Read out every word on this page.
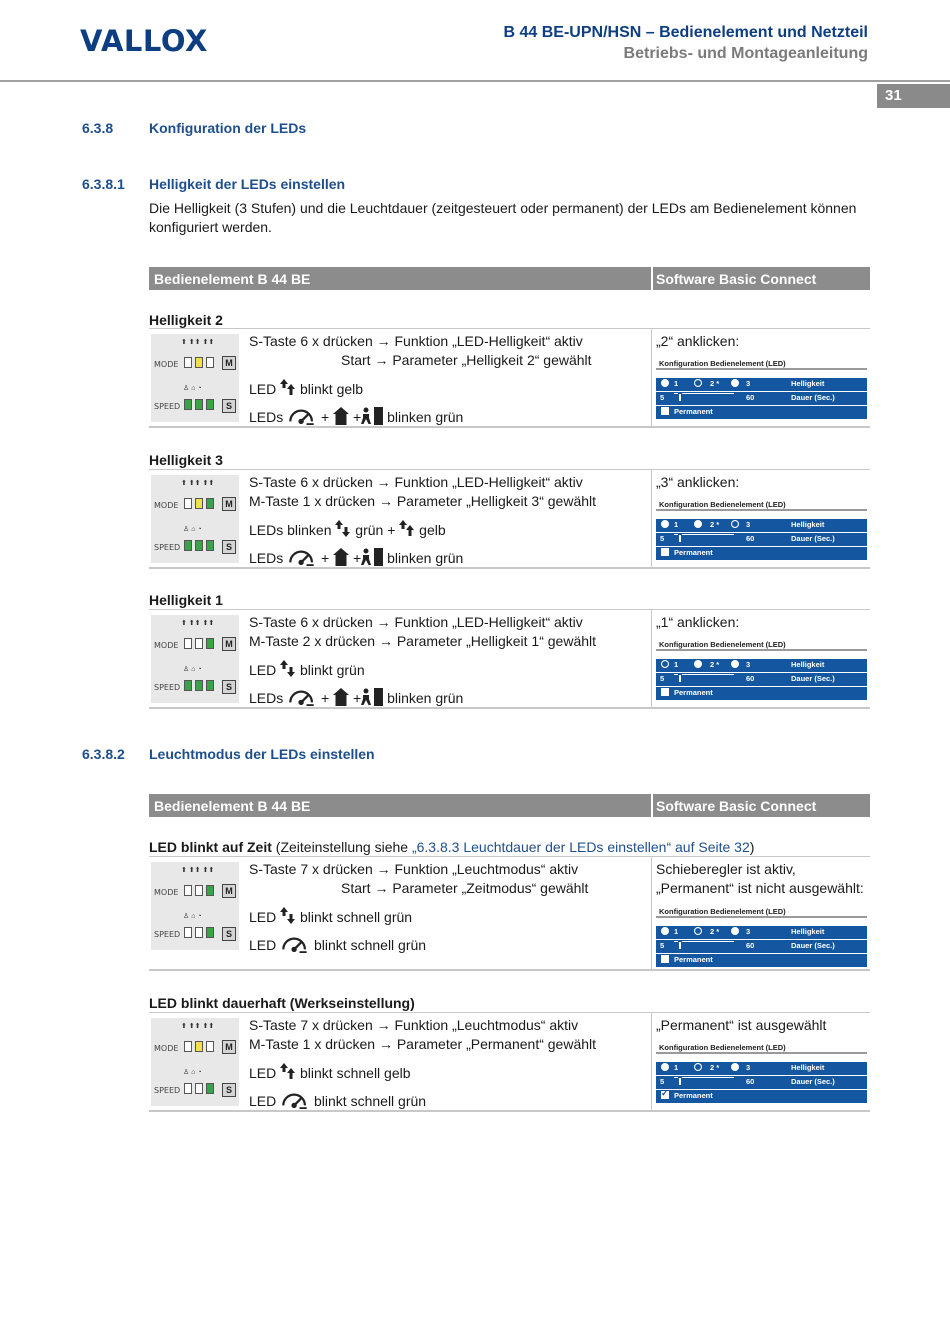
VALLOX	B 44 BE-UPN/HSN – Bedienelement und Netzteil
Betriebs- und Montageanleitung
31
6.3.8	Konfiguration der LEDs
6.3.8.1 Helligkeit der LEDs einstellen
Die Helligkeit (3 Stufen) und die Leuchtdauer (zeitgesteuert oder permanent) der LEDs am Bedienelement können konfiguriert werden.
Bedienelement B 44 BE	Software Basic Connect
Helligkeit 2
⬆ ⬆⬆ ⬆⬆
MODE	M
♙ ⌂ ◔
SPEED	S
S-Taste 6 x drücken → Funktion „LED-Helligkeit“ aktiv
Start → Parameter „Helligkeit 2“ gewählt
LED blinkt gelb
LEDs	+ + blinken grün
„2“ anklicken:
Konfiguration Bedienelement (LED)
1	2 *	3	Helligkeit
5	60	Dauer (Sec.)
Permanent
Helligkeit 3
⬆ ⬆⬆ ⬆⬆
MODE	M
♙ ⌂ ◔
SPEED	S
S-Taste 6 x drücken → Funktion „LED-Helligkeit“ aktiv
M-Taste 1 x drücken → Parameter „Helligkeit 3“ gewählt
LEDs blinken grün + gelb
LEDs	+ + blinken grün
„3“ anklicken:
Konfiguration Bedienelement (LED)
1	2 *	3	Helligkeit
5	60	Dauer (Sec.)
Permanent
Helligkeit 1
⬆ ⬆⬆ ⬆⬆
MODE	M
♙ ⌂ ◔
SPEED	S
S-Taste 6 x drücken → Funktion „LED-Helligkeit“ aktiv
M-Taste 2 x drücken → Parameter „Helligkeit 1“ gewählt
LED blinkt grün
LEDs	+ + blinken grün
„1“ anklicken:
Konfiguration Bedienelement (LED)
1	2 *	3	Helligkeit
5	60	Dauer (Sec.)
Permanent
LED blinkt auf Zeit (Zeiteinstellung siehe „6.3.8.3 Leuchtdauer der LEDs einstellen“ auf Seite 32)
⬆ ⬆⬆ ⬆⬆
MODE	M
♙ ⌂ ◔
SPEED	S
S-Taste 7 x drücken → Funktion „Leuchtmodus“ aktiv
Start → Parameter „Zeitmodus“ gewählt
LED blinkt schnell grün
LED	blinkt schnell grün
Schieberegler ist aktiv, „Permanent“ ist nicht ausgewählt:
Konfiguration Bedienelement (LED)
1	2 *	3	Helligkeit
5	60	Dauer (Sec.)
Permanent
LED blinkt dauerhaft (Werkseinstellung)
⬆ ⬆⬆ ⬆⬆
MODE	M
♙ ⌂ ◔
SPEED	S
S-Taste 7 x drücken → Funktion „Leuchtmodus“ aktiv
M-Taste 1 x drücken → Parameter „Permanent“ gewählt
LED blinkt schnell gelb
LED	blinkt schnell grün
„Permanent“ ist ausgewählt
Konfiguration Bedienelement (LED)
1	2 *	3	Helligkeit
5	60	Dauer (Sec.)
✓
Permanent
6.3.8.2 Leuchtmodus der LEDs einstellen
Bedienelement B 44 BE	Software Basic Connect
